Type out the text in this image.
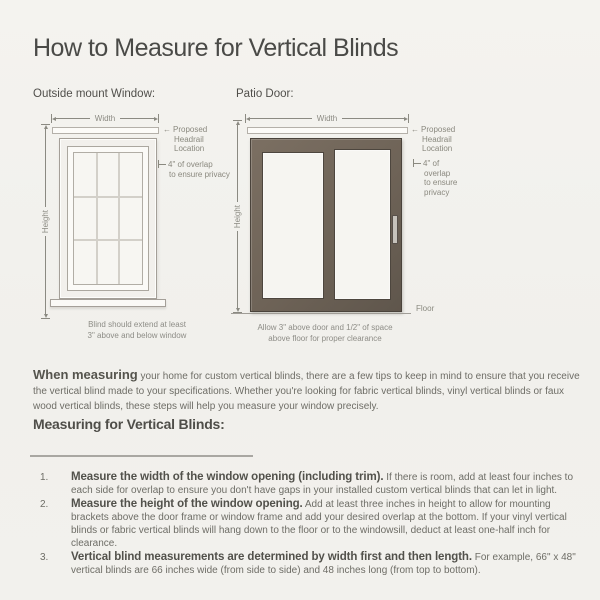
How to Measure for Vertical Blinds
Outside mount Window:	Patio Door:
Width
Height
← Proposed
Headrail
Location
4" of overlap
to ensure privacy
Blind should extend at least
3" above and below window
Width
Height
Floor
← Proposed
Headrail
Location
4" of
overlap
to ensure
privacy
Allow 3" above door and 1/2" of space
above floor for proper clearance

When measuring your home for custom vertical blinds, there are a few tips to keep in mind to ensure that you receive the vertical blind made to your specifications. Whether you're looking for fabric vertical blinds, vinyl vertical blinds or faux wood vertical blinds, these steps will help you measure your window precisely.

Measuring for Vertical Blinds:
1.	Measure the width of the window opening (including trim). If there is room, add at least four inches to each side for overlap to ensure you don't have gaps in your installed custom vertical blinds that can let in light.
2.	Measure the height of the window opening. Add at least three inches in height to allow for mounting brackets above the door frame or window frame and add your desired overlap at the bottom. If your vinyl vertical blinds or fabric vertical blinds will hang down to the floor or to the windowsill, deduct at least one-half inch for clearance.
3.	Vertical blind measurements are determined by width first and then length. For example, 66" x 48" vertical blinds are 66 inches wide (from side to side) and 48 inches long (from top to bottom).
